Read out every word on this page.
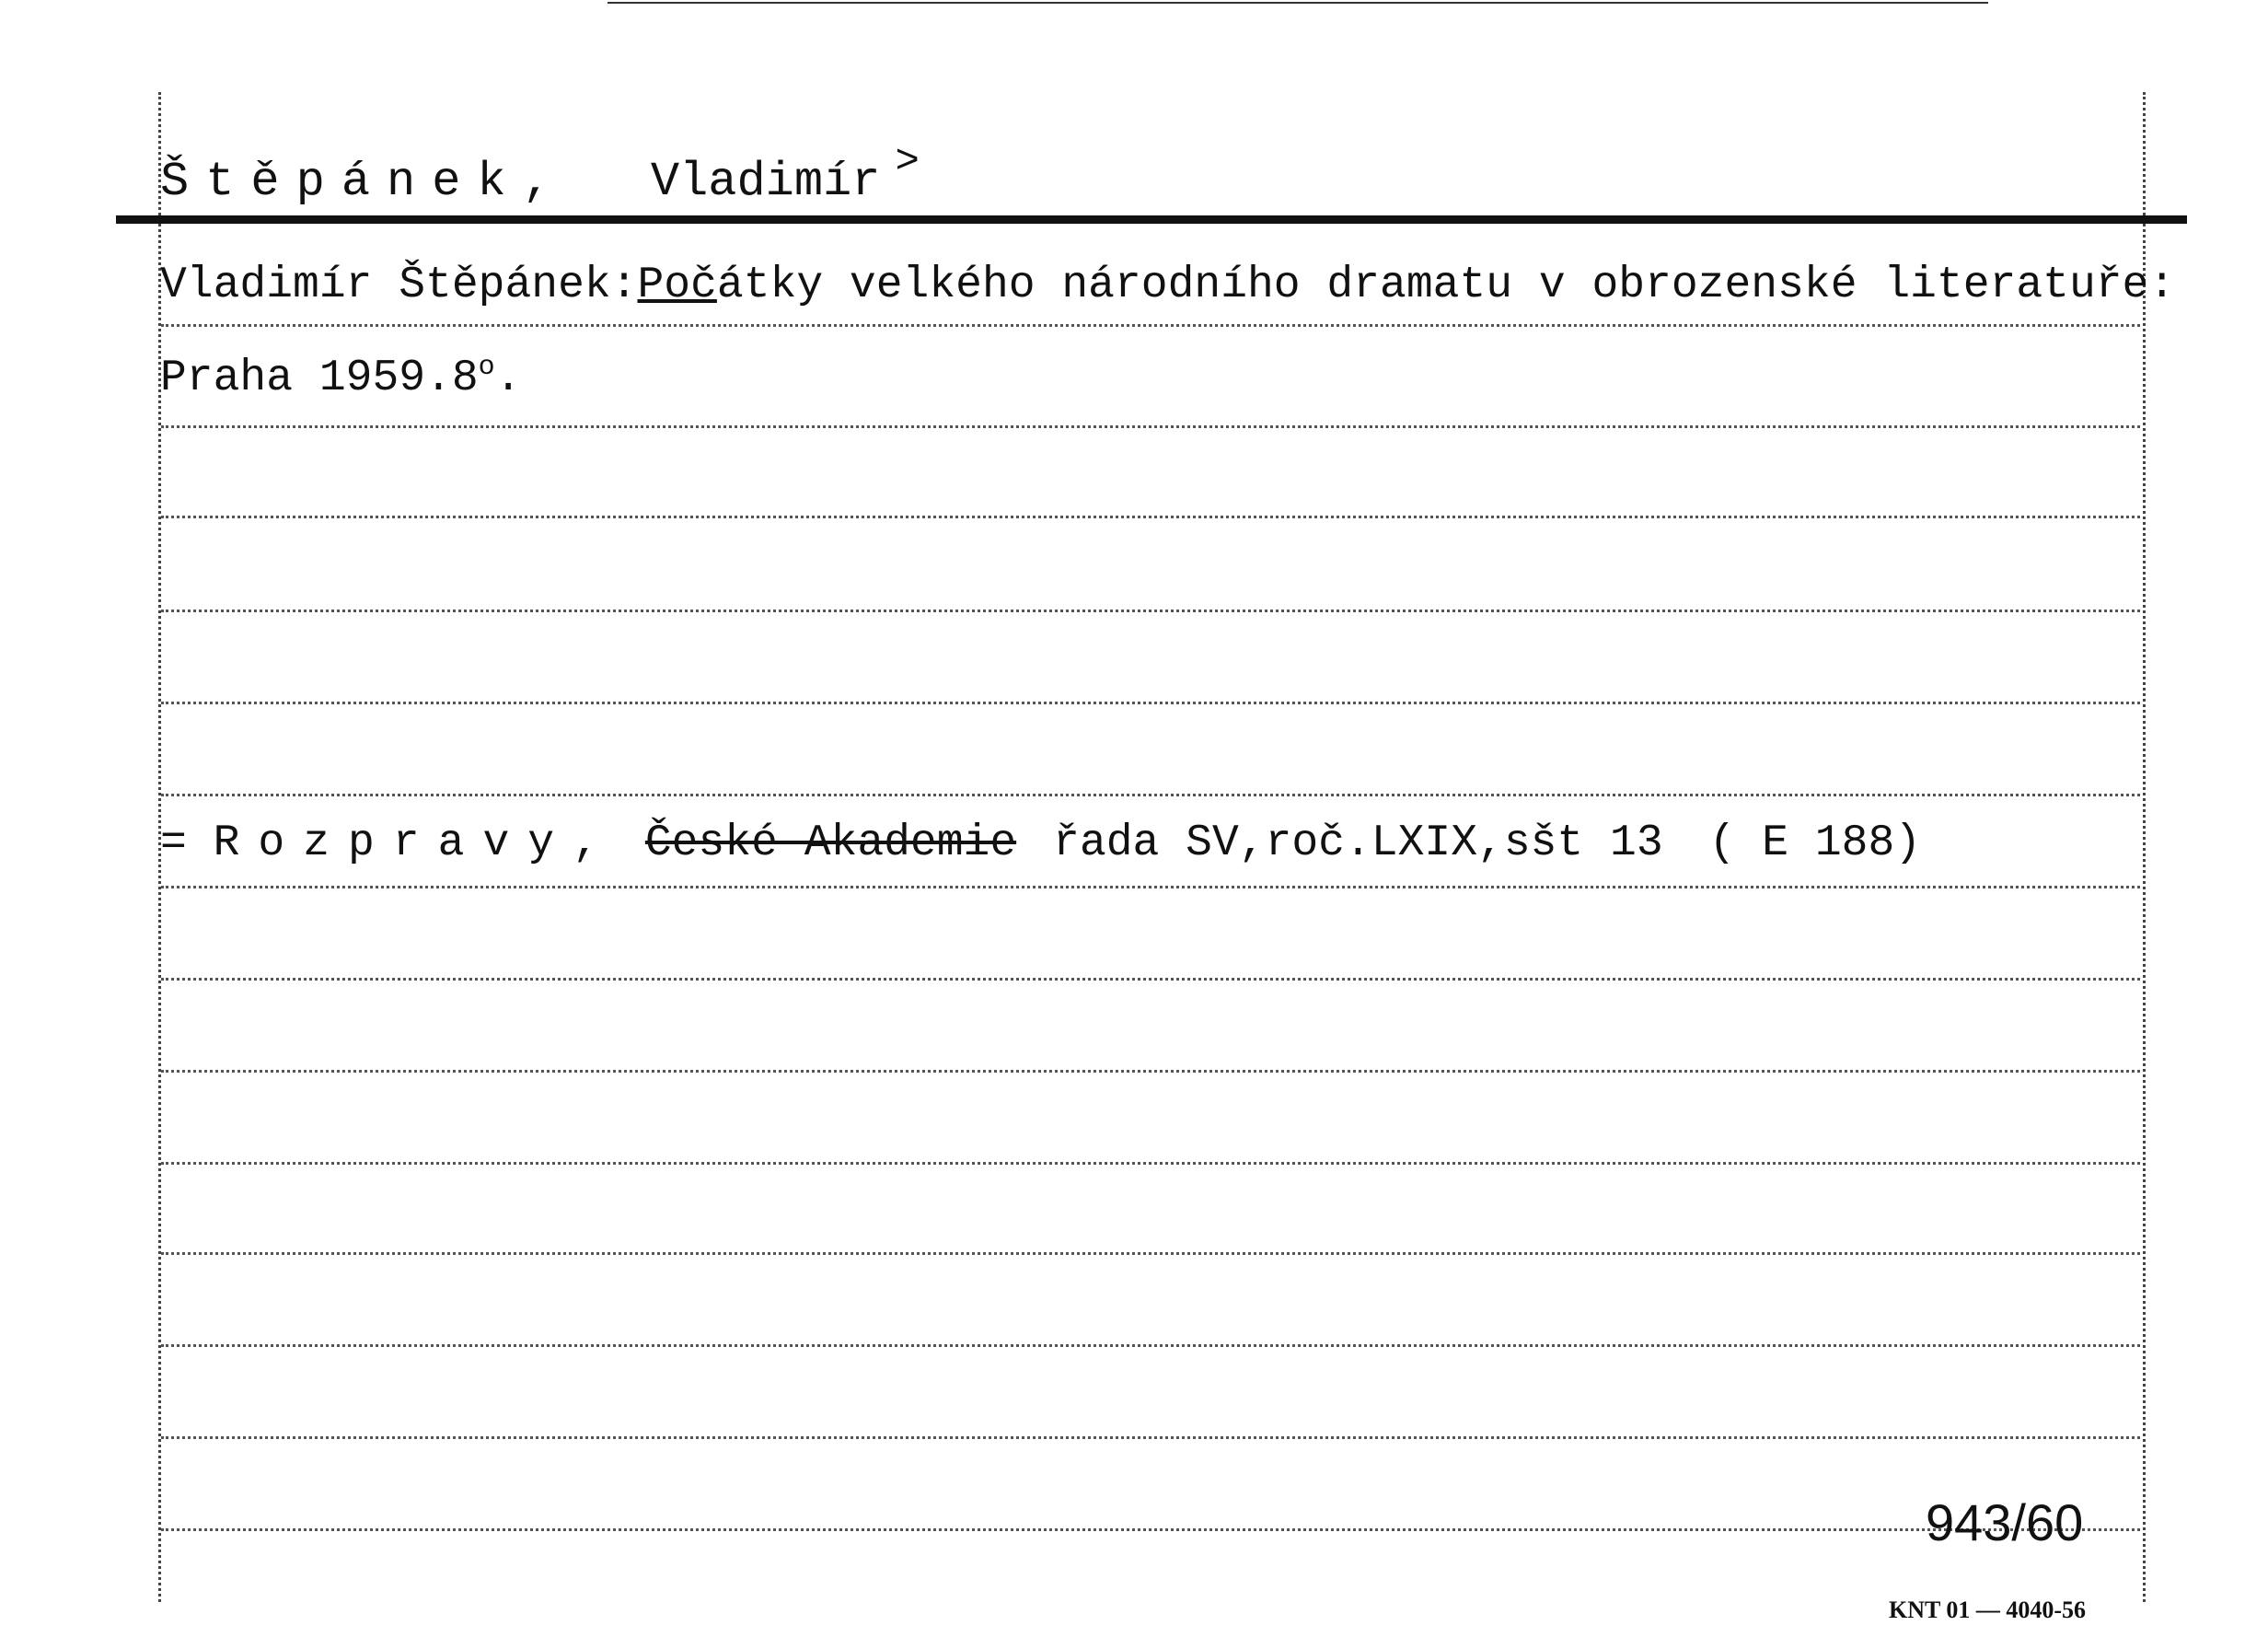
Štěpánek, Vladimír >
Vladimír Štěpánek:Počátky velkého národního dramatu v obrozenské literatuře:
Praha $1959.8^o$.
= Rozpravy, České Akademie řada SV,roč.LXIX,sšt 13 ( E 188)
943/60
KNT 01 — 4040-56
